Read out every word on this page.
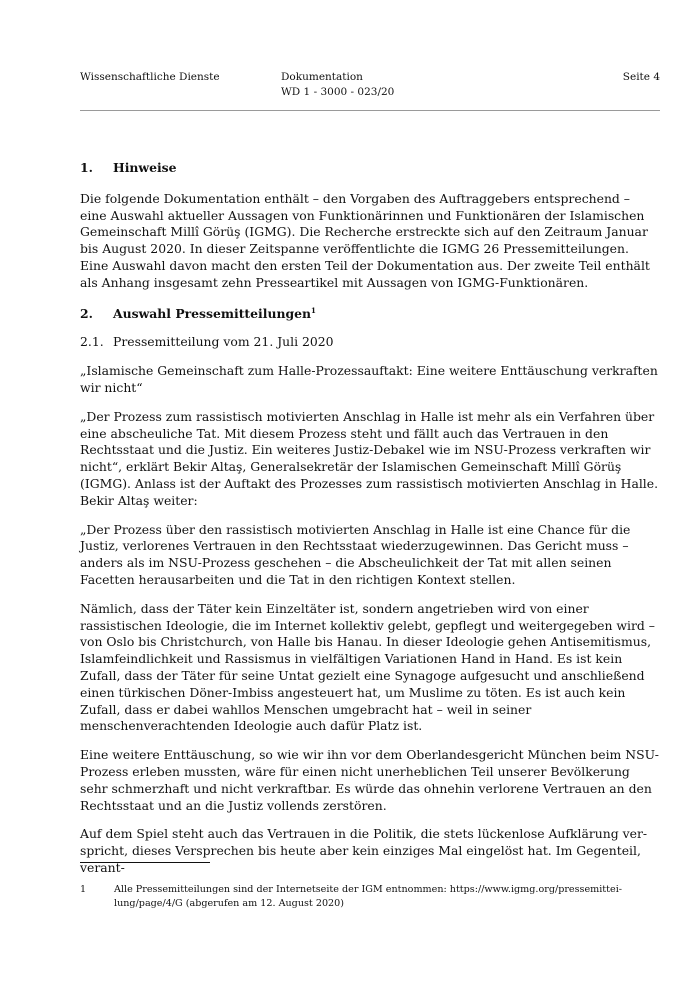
Wissenschaftliche Dienste	Dokumentation
WD 1 - 3000 - 023/20
Seite 4
1.	Hinweise

Die folgende Dokumentation enthält – den Vorgaben des Auftraggebers entsprechend – eine Auswahl aktueller Aussagen von Funktionärinnen und Funktionären der Islamischen Gemeinschaft Millî Görüş (IGMG). Die Recherche erstreckte sich auf den Zeitraum Januar bis August 2020. In dieser Zeitspanne veröffentlichte die IGMG 26 Pressemitteilungen. Eine Auswahl davon macht den ersten Teil der Dokumentation aus. Der zweite Teil enthält als Anhang insgesamt zehn Presseartikel mit Aussagen von IGMG-Funktionären.

2.	Auswahl Pressemitteilungen$^1$
2.1. Pressemitteilung vom 21. Juli 2020

„Islamische Gemeinschaft zum Halle-Prozessauftakt: Eine weitere Enttäuschung verkraften wir nicht“

„Der Prozess zum rassistisch motivierten Anschlag in Halle ist mehr als ein Verfahren über eine abscheuliche Tat. Mit diesem Prozess steht und fällt auch das Vertrauen in den Rechtsstaat und die Justiz. Ein weiteres Justiz-Debakel wie im NSU-Prozess verkraften wir nicht“, erklärt Bekir Altaş, Generalsekretär der Islamischen Gemeinschaft Millî Görüş (IGMG). Anlass ist der Auftakt des Prozesses zum rassistisch motivierten Anschlag in Halle. Bekir Altaş weiter:

„Der Prozess über den rassistisch motivierten Anschlag in Halle ist eine Chance für die Justiz, verlorenes Vertrauen in den Rechtsstaat wiederzugewinnen. Das Gericht muss – anders als im NSU-Prozess geschehen – die Abscheulichkeit der Tat mit allen seinen Facetten herausarbeiten und die Tat in den richtigen Kontext stellen.

Nämlich, dass der Täter kein Einzeltäter ist, sondern angetrieben wird von einer rassistischen Ideologie, die im Internet kollektiv gelebt, gepflegt und weitergegeben wird – von Oslo bis Christchurch, von Halle bis Hanau. In dieser Ideologie gehen Antisemitismus, Islamfeindlichkeit und Rassismus in vielfältigen Variationen Hand in Hand. Es ist kein Zufall, dass der Täter für seine Untat gezielt eine Synagoge aufgesucht und anschließend einen türkischen Döner-Imbiss angesteuert hat, um Muslime zu töten. Es ist auch kein Zufall, dass er dabei wahllos Menschen umgebracht hat – weil in seiner menschenverachtenden Ideologie auch dafür Platz ist.

Eine weitere Enttäuschung, so wie wir ihn vor dem Oberlandesgericht München beim NSU-Prozess erleben mussten, wäre für einen nicht unerheblichen Teil unserer Bevölkerung sehr schmerzhaft und nicht verkraftbar. Es würde das ohnehin verlorene Vertrauen an den Rechtsstaat und an die Justiz vollends zerstören.

Auf dem Spiel steht auch das Vertrauen in die Politik, die stets lückenlose Aufklärung verspricht, dieses Versprechen bis heute aber kein einziges Mal eingelöst hat. Im Gegenteil, verant-

1	Alle Pressemitteilungen sind der Internetseite der IGM entnommen: https://www.igmg.org/pressemitteilung/page/4/G (abgerufen am 12. August 2020)
